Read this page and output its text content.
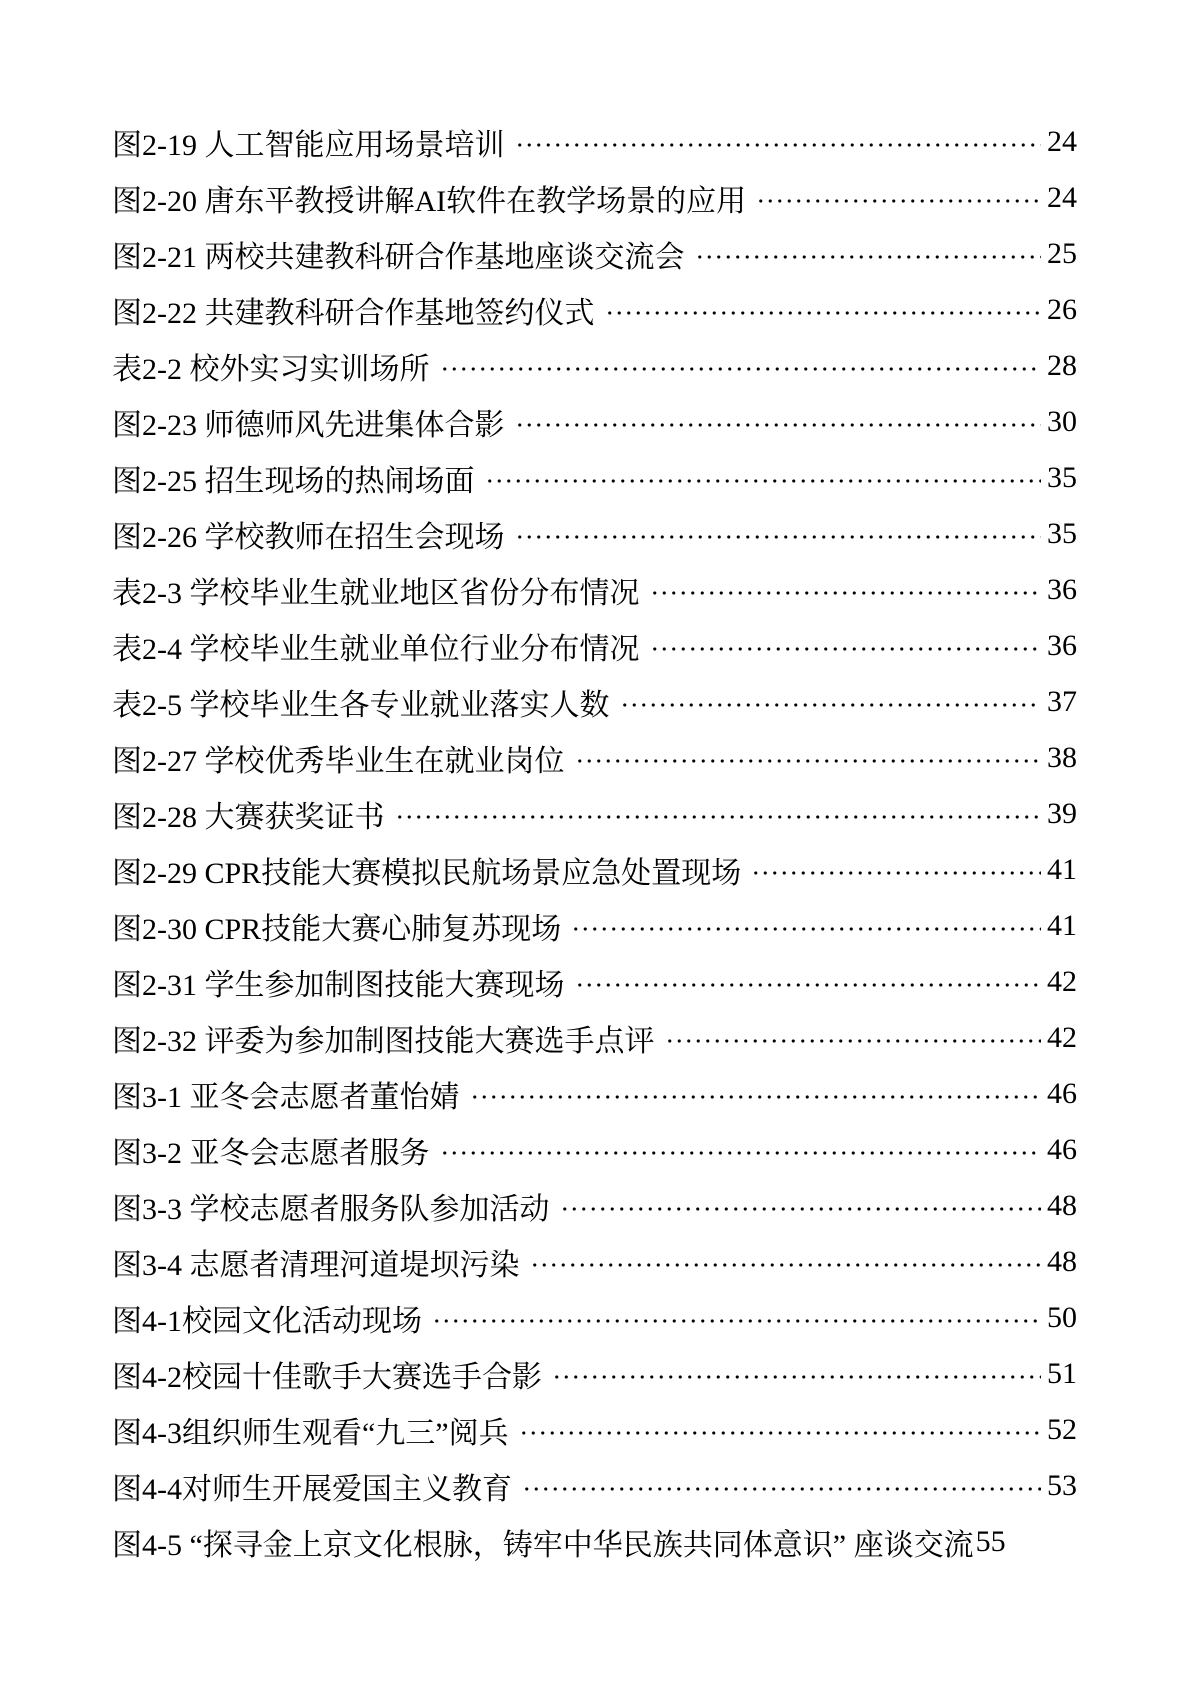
图2-19 人工智能应用场景培训	24
图2-20 唐东平教授讲解AI软件在教学场景的应用	24
图2-21 两校共建教科研合作基地座谈交流会	25
图2-22 共建教科研合作基地签约仪式	26
表2-2 校外实习实训场所	28
图2-23 师德师风先进集体合影	30
图2-25 招生现场的热闹场面	35
图2-26 学校教师在招生会现场	35
表2-3 学校毕业生就业地区省份分布情况	36
表2-4 学校毕业生就业单位行业分布情况	36
表2-5 学校毕业生各专业就业落实人数	37
图2-27 学校优秀毕业生在就业岗位	38
图2-28 大赛获奖证书	39
图2-29 CPR技能大赛模拟民航场景应急处置现场	41
图2-30 CPR技能大赛心肺复苏现场	41
图2-31 学生参加制图技能大赛现场	42
图2-32 评委为参加制图技能大赛选手点评	42
图3-1 亚冬会志愿者董怡婧	46
图3-2 亚冬会志愿者服务	46
图3-3 学校志愿者服务队参加活动	48
图3-4 志愿者清理河道堤坝污染	48
图4-1校园文化活动现场	50
图4-2校园十佳歌手大赛选手合影	51
图4-3组织师生观看“九三”阅兵	52
图4-4对师生开展爱国主义教育	53
图4-5 “探寻金上京文化根脉，铸牢中华民族共同体意识” 座谈交流 55
